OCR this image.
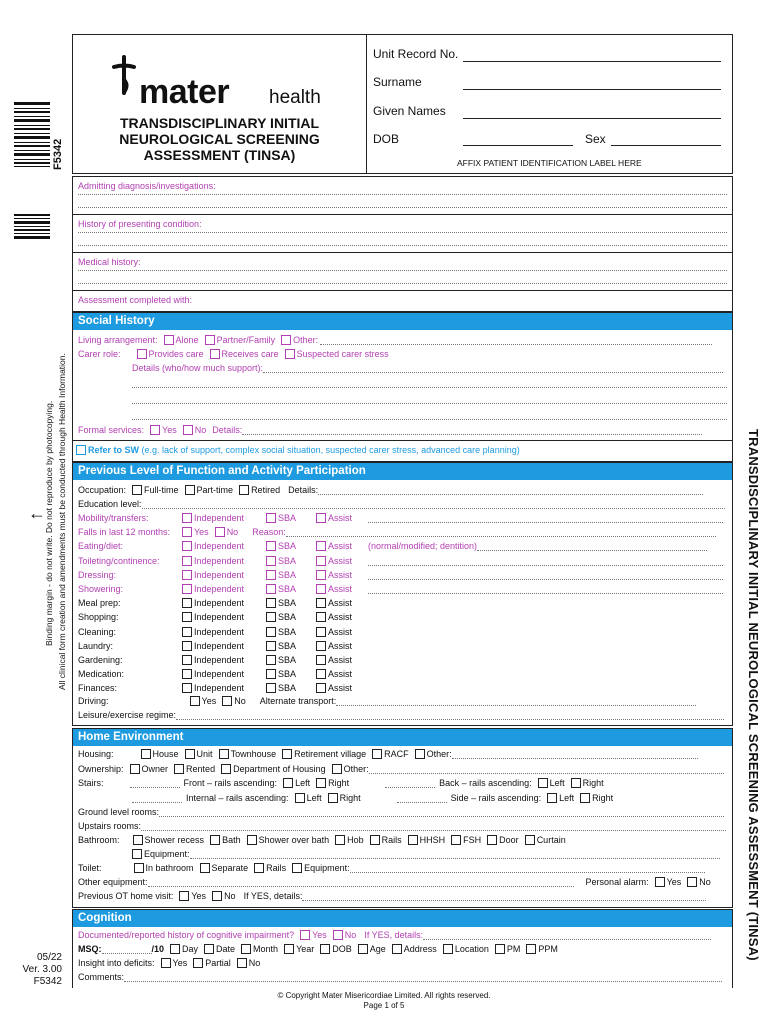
F5342
←
Binding margin - do not write. Do not reproduce by photocopying. All clinical form creation and amendments must be conducted through Health Information.	TRANSDISCIPLINARY INITIAL NEUROLOGICAL SCREENING ASSESSMENT (TINSA)
05/22
Ver. 3.00
F5342
mater health
TRANSDISCIPLINARY INITIAL
NEUROLOGICAL SCREENING
ASSESSMENT (TINSA)
Unit Record No.
Surname
Given Names
DOB	Sex
AFFIX PATIENT IDENTIFICATION LABEL HERE
Admitting diagnosis/investigations:
History of presenting condition:
Medical history:
Assessment completed with:
Social History
Living arrangement: Alone Partner/Family Other:
Carer role:	Provides care Receives care Suspected carer stress
Details (who/how much support):
Formal services: Yes No Details:
Refer to SW (e.g. lack of support, complex social situation, suspected carer stress, advanced care planning)
Previous Level of Function and Activity Participation
Occupation: Full-time Part-time Retired Details:
Education level:
Mobility/transfers:	Independent	SBA	Assist
Falls in last 12 months:	Yes No Reason:
Eating/diet:	Independent	SBA	Assist (normal/modified; dentition)
Toileting/continence:	Independent	SBA	Assist
Dressing:	Independent	SBA	Assist
Showering:	Independent	SBA	Assist
Meal prep:	Independent	SBA	Assist
Shopping:	Independent	SBA	Assist
Cleaning:	Independent	SBA	Assist
Laundry:	Independent	SBA	Assist
Gardening:	Independent	SBA	Assist
Medication:	Independent	SBA	Assist
Finances:	Independent	SBA	Assist
Driving:	Yes No Alternate transport:
Leisure/exercise regime:
Home Environment
Housing:	House Unit Townhouse Retirement village RACF Other:
Ownership: Owner Rented Department of Housing Other:
Stairs:	Front – rails ascending: Left Right	Back – rails ascending: Left Right
Internal – rails ascending: Left Right	Side – rails ascending: Left Right
Ground level rooms:
Upstairs rooms:
Bathroom:	Shower recess Bath Shower over bath Hob Rails HHSH FSH Door Curtain
Equipment:
Toilet:	In bathroom Separate Rails Equipment:
Other equipment:	Personal alarm: Yes No
Previous OT home visit: Yes No If YES, details:
Cognition
Documented/reported history of cognitive impairment? Yes No If YES, details:
MSQ:	/10 Day Date Month Year DOB Age Address Location PM PPM
Insight into deficits: Yes Partial No
Comments:
© Copyright Mater Misericordiae Limited. All rights reserved.
Page 1 of 5
